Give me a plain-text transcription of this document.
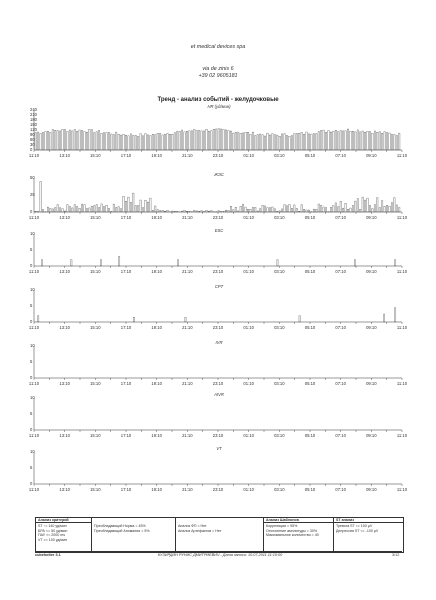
et medical devices spa
via de zinis 6
+39 02 9605181
Тренд - анализ событий - желудочковые
HR (уд/мин)
240
210
180
150
120
90
60
30
0
11:10	13:10	15:10	17:10	19:10	21:10	23:10	01:10	03:10	05:10	07:10	09:10	11:10
ЖЭС
50
25
0
11:10	13:10	15:10	17:10	19:10	21:10	23:10	01:10	03:10	05:10	07:10	09:10	11:10
ESC
10
5
0
11:10	13:10	15:10	17:10	19:10	21:10	23:10	01:10	03:10	05:10	07:10	09:10	11:10
CPT
10
5
0
11:10	13:10	15:10	17:10	19:10	21:10	23:10	01:10	03:10	05:10	07:10	09:10	11:10
IVR
10
5
0
11:10	13:10	15:10	17:10	19:10	21:10	23:10	01:10	03:10	05:10	07:10	09:10	11:10
AIVR
10
5
0
11:10	13:10	15:10	17:10	19:10	21:10	23:10	01:10	03:10	05:10	07:10	09:10	11:10
VT
10
5
0
11:10	13:10	15:10	17:10	19:10	21:10	23:10	01:10	03:10	05:10	07:10	09:10	11:10
Анализ критерий
ST ↑= 140 уд/мин
БРА <= 50 уд/мин
ПАУ >= 2000 ms
VT >= 100 уд/мин
Преобладающий Норма = 45%
Преобладающий Аномалия = 5%
Анализ ФП = Нет
Анализ Артефактов = Нет
Анализ Шаблонов
Корреляция = 95%
Отклонение амплитуды = 30%
Максимальное количество = 40
ST анализ
Тревога ST <= 100 µV
Депрессия ST <= -100 µV
cubeholter 3.1	КУЗИРДИН РУНИС ДМИТРИЕВИЧ - Дата записи: 10.07.2011 11:10:00	3/12
